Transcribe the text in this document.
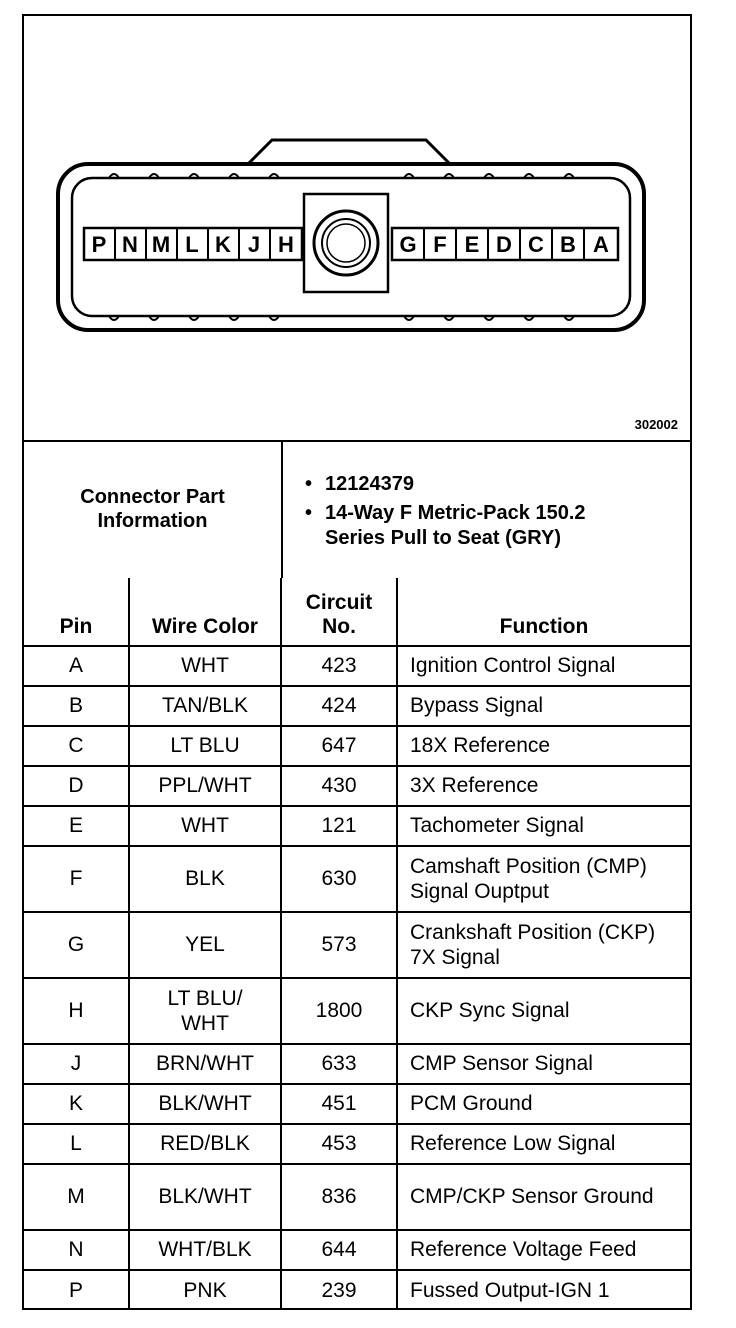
P N M L K J H	G F E D C B A
302002
Connector Part Information	
• 12124379
• 14-Way F Metric-Pack 150.2 Series Pull to Seat (GRY)
Pin	Wire Color	Circuit No.	Function
A	WHT	423	Ignition Control Signal
B	TAN/BLK	424	Bypass Signal
C	LT BLU	647	18X Reference
D	PPL/WHT	430	3X Reference
E	WHT	121	Tachometer Signal
F	BLK	630	Camshaft Position (CMP) Signal Ouptput
G	YEL	573	Crankshaft Position (CKP) 7X Signal
H	LT BLU/ WHT	1800	CKP Sync Signal
J	BRN/WHT	633	CMP Sensor Signal
K	BLK/WHT	451	PCM Ground
L	RED/BLK	453	Reference Low Signal
M	BLK/WHT	836	CMP/CKP Sensor Ground
N	WHT/BLK	644	Reference Voltage Feed
P	PNK	239	Fussed Output-IGN 1
